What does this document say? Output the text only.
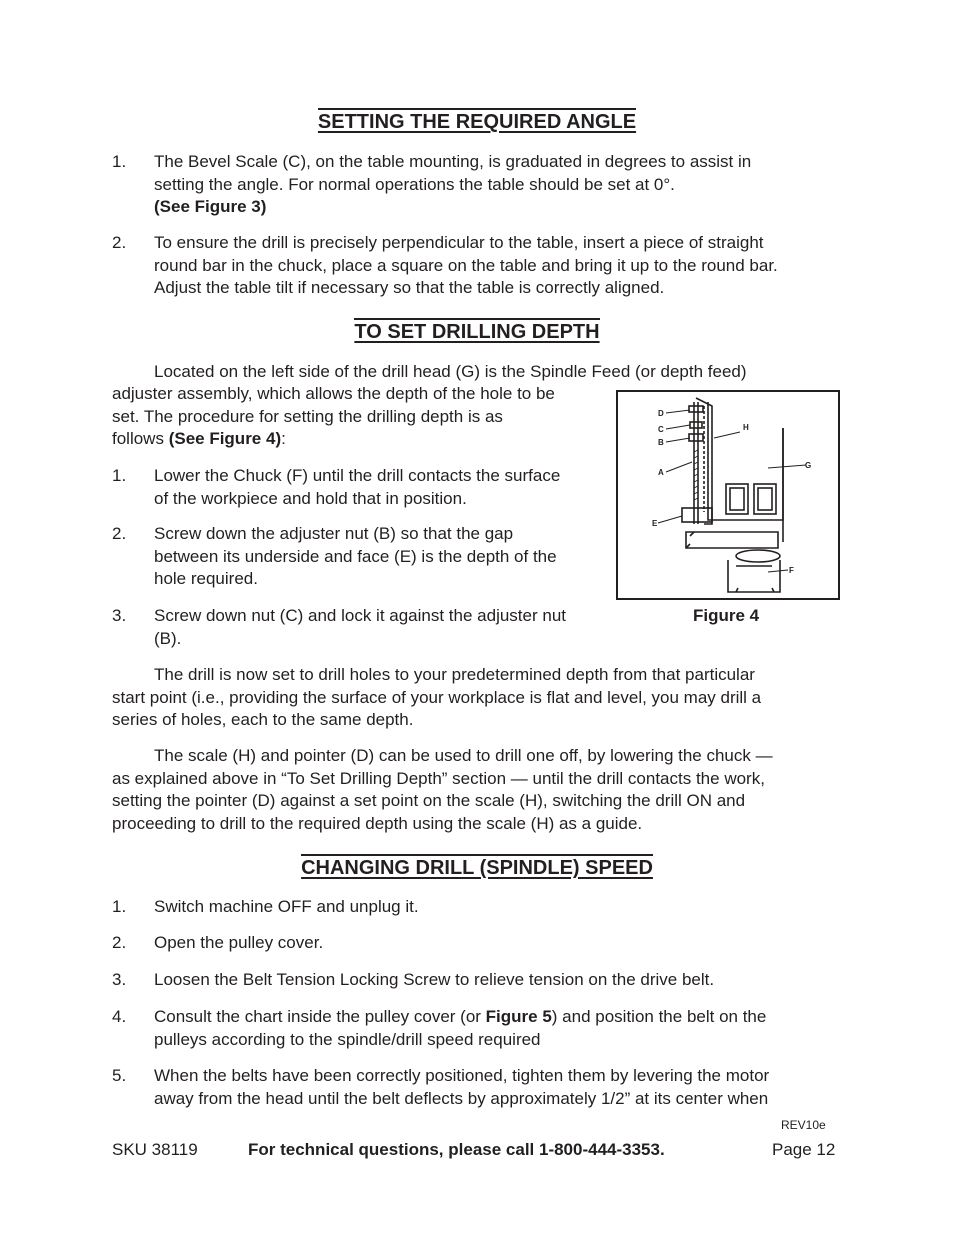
SETTING THE REQUIRED ANGLE
1. The Bevel Scale (C), on the table mounting, is graduated in degrees to assist in
setting the angle. For normal operations the table should be set at 0°.
(See Figure 3)
2. To ensure the drill is precisely perpendicular to the table, insert a piece of straight
round bar in the chuck, place a square on the table and bring it up to the round bar.
Adjust the table tilt if necessary so that the table is correctly aligned.
TO SET DRILLING DEPTH
Located on the left side of the drill head (G) is the Spindle Feed (or depth feed)
adjuster assembly, which allows the depth of the hole to be
set. The procedure for setting the drilling depth is as
follows (See Figure 4):
1. Lower the Chuck (F) until the drill contacts the surface
of the workpiece and hold that in position.
2. Screw down the adjuster nut (B) so that the gap
between its underside and face (E) is the depth of the
hole required.
3. Screw down nut (C) and lock it against the adjuster nut
(B).
D
C
B
A
E
H
G
F
Figure 4
The drill is now set to drill holes to your predetermined depth from that particular
start point (i.e., providing the surface of your workplace is flat and level, you may drill a
series of holes, each to the same depth.
The scale (H) and pointer (D) can be used to drill one off, by lowering the chuck —
as explained above in “To Set Drilling Depth” section — until the drill contacts the work,
setting the pointer (D) against a set point on the scale (H), switching the drill ON and
proceeding to drill to the required depth using the scale (H) as a guide.
CHANGING DRILL (SPINDLE) SPEED
1. Switch machine OFF and unplug it.
2. Open the pulley cover.
3. Loosen the Belt Tension Locking Screw to relieve tension on the drive belt.
4. Consult the chart inside the pulley cover (or Figure 5) and position the belt on the
pulleys according to the spindle/drill speed required
5. When the belts have been correctly positioned, tighten them by levering the motor
away from the head until the belt deflects by approximately 1/2” at its center when
REV10e
SKU 38119	For technical questions, please call 1-800-444-3353.	Page 12
